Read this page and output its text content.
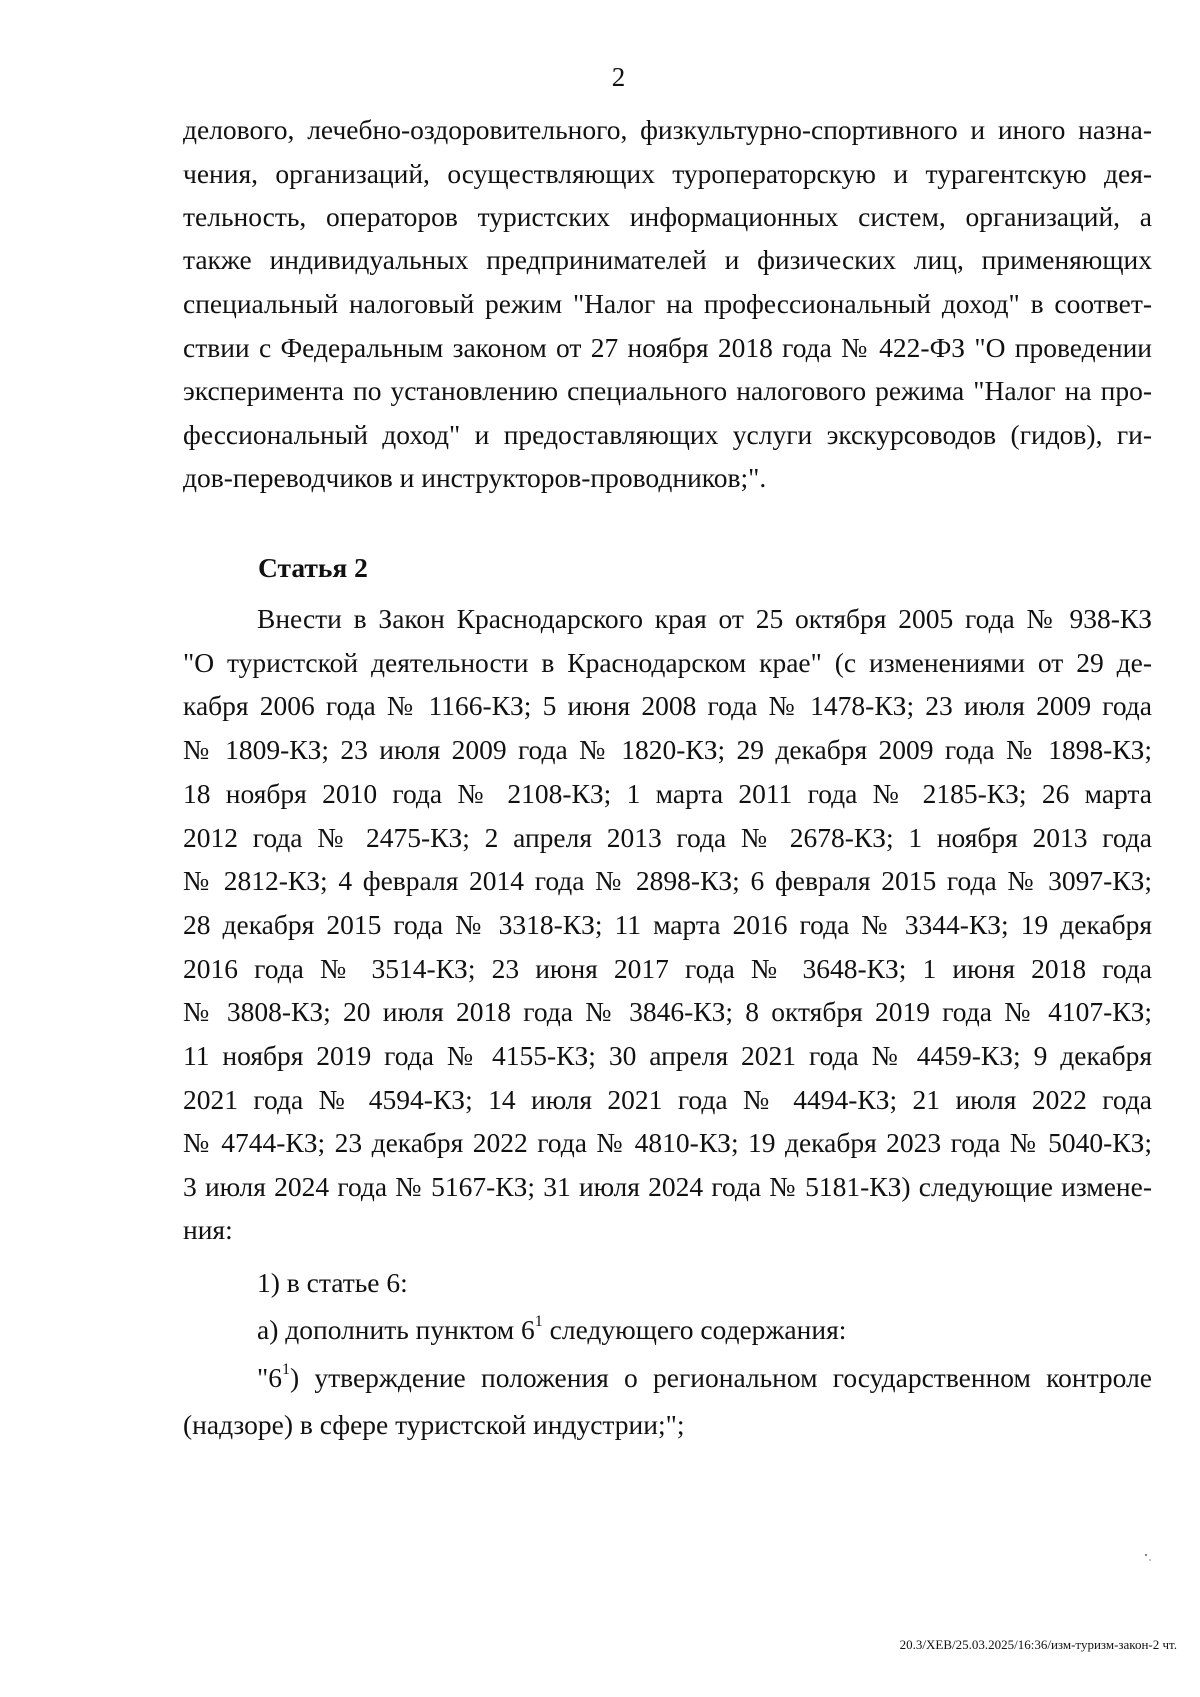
2
делового, лечебно-оздоровительного, физкультурно-спортивного и иного назна-
чения, организаций, осуществляющих туроператорскую и турагентскую дея-
тельность, операторов туристских информационных систем, организаций, а
также индивидуальных предпринимателей и физических лиц, применяющих
специальный налоговый режим "Налог на профессиональный доход" в соответ-
ствии с Федеральным законом от 27 ноября 2018 года № 422-ФЗ "О проведении
эксперимента по установлению специального налогового режима "Налог на про-
фессиональный доход" и предоставляющих услуги экскурсоводов (гидов), ги-
дов-переводчиков и инструкторов-проводников;".
Статья 2
Внести в Закон Краснодарского края от 25 октября 2005 года № 938-КЗ
"О туристской деятельности в Краснодарском крае" (с изменениями от 29 де-
кабря 2006 года № 1166-КЗ; 5 июня 2008 года № 1478-КЗ; 23 июля 2009 года
№ 1809-КЗ; 23 июля 2009 года № 1820-КЗ; 29 декабря 2009 года № 1898-КЗ;
18 ноября 2010 года № 2108-КЗ; 1 марта 2011 года № 2185-КЗ; 26 марта
2012 года № 2475-КЗ; 2 апреля 2013 года № 2678-КЗ; 1 ноября 2013 года
№ 2812-КЗ; 4 февраля 2014 года № 2898-КЗ; 6 февраля 2015 года № 3097-КЗ;
28 декабря 2015 года № 3318-КЗ; 11 марта 2016 года № 3344-КЗ; 19 декабря
2016 года № 3514-КЗ; 23 июня 2017 года № 3648-КЗ; 1 июня 2018 года
№ 3808-КЗ; 20 июля 2018 года № 3846-КЗ; 8 октября 2019 года № 4107-КЗ;
11 ноября 2019 года № 4155-КЗ; 30 апреля 2021 года № 4459-КЗ; 9 декабря
2021 года № 4594-КЗ; 14 июля 2021 года № 4494-КЗ; 21 июля 2022 года
№ 4744-КЗ; 23 декабря 2022 года № 4810-КЗ; 19 декабря 2023 года № 5040-КЗ;
3 июля 2024 года № 5167-КЗ; 31 июля 2024 года № 5181-КЗ) следующие измене-
ния:
1) в статье 6:
а) дополнить пунктом $6^1$ следующего содержания:
"$6^1$) утверждение положения о региональном государственном контроле
(надзоре) в сфере туристской индустрии;";
20.3/ХЕВ/25.03.2025/16:36/изм-туризм-закон-2 чт.
